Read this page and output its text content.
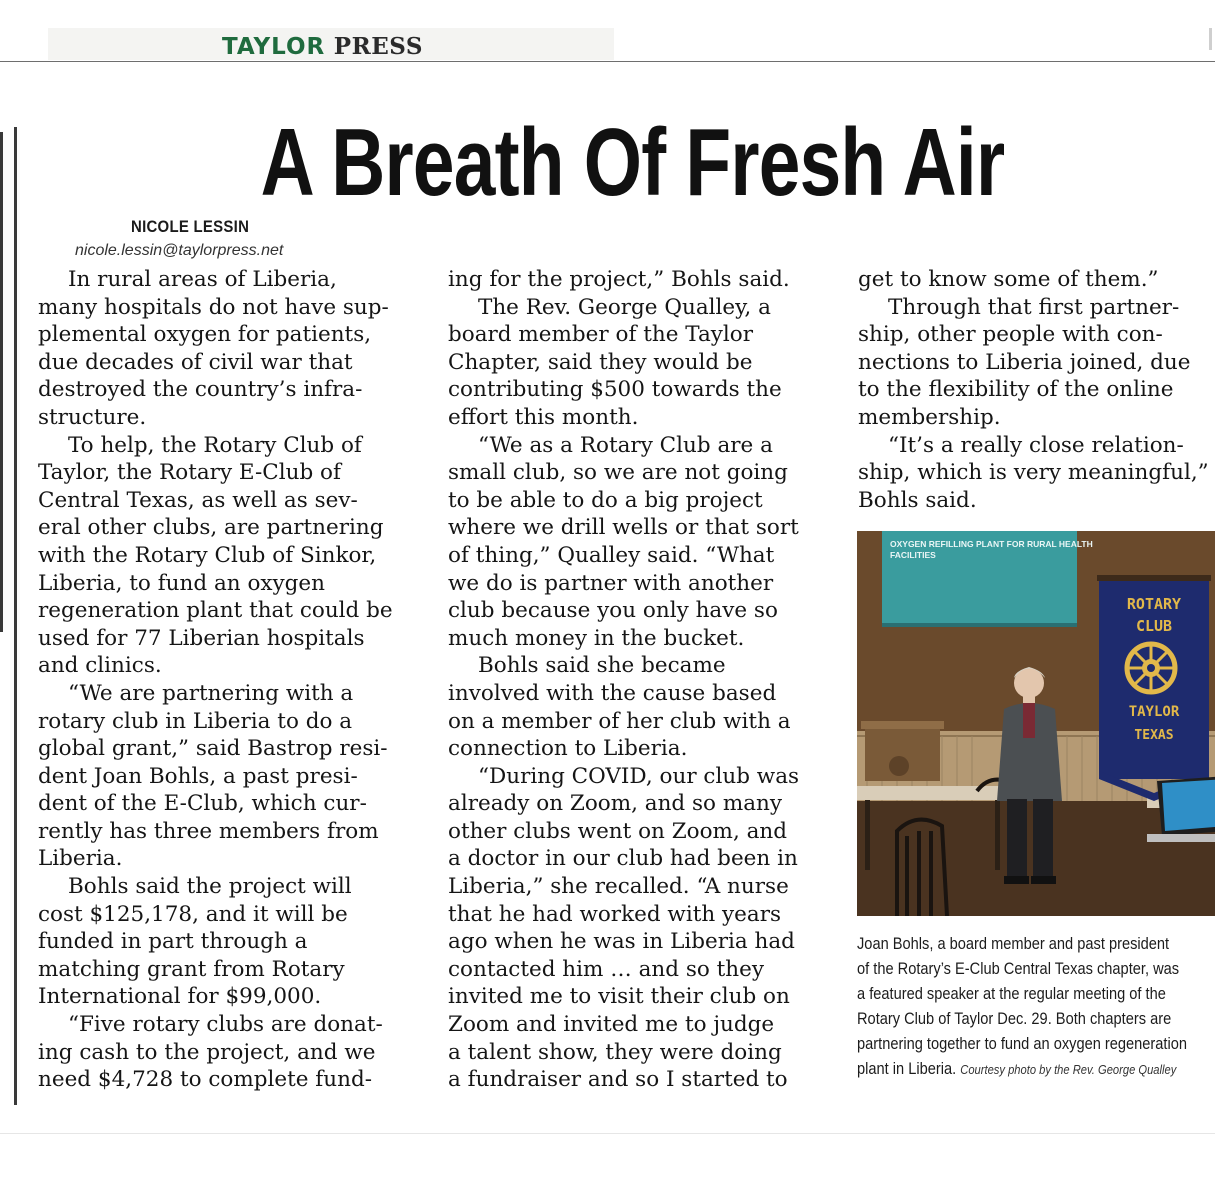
TAYLOR PRESS
A Breath Of Fresh Air

NICOLE LESSIN

nicole.lessin@taylorpress.net

In rural areas of Liberia,
many hospitals do not have sup-
plemental oxygen for patients,
due decades of civil war that
destroyed the country’s infra-
structure.
To help, the Rotary Club of
Taylor, the Rotary E-Club of
Central Texas, as well as sev-
eral other clubs, are partnering
with the Rotary Club of Sinkor,
Liberia, to fund an oxygen
regeneration plant that could be
used for 77 Liberian hospitals
and clinics.
“We are partnering with a
rotary club in Liberia to do a
global grant,” said Bastrop resi-
dent Joan Bohls, a past presi-
dent of the E-Club, which cur-
rently has three members from
Liberia.
Bohls said the project will
cost $125,178, and it will be
funded in part through a
matching grant from Rotary
International for $99,000.
“Five rotary clubs are donat-
ing cash to the project, and we
need $4,728 to complete fund-
ing for the project,” Bohls said.
The Rev. George Qualley, a
board member of the Taylor
Chapter, said they would be
contributing $500 towards the
effort this month.
“We as a Rotary Club are a
small club, so we are not going
to be able to do a big project
where we drill wells or that sort
of thing,” Qualley said. “What
we do is partner with another
club because you only have so
much money in the bucket.
Bohls said she became
involved with the cause based
on a member of her club with a
connection to Liberia.
“During COVID, our club was
already on Zoom, and so many
other clubs went on Zoom, and
a doctor in our club had been in
Liberia,” she recalled. “A nurse
that he had worked with years
ago when he was in Liberia had
contacted him … and so they
invited me to visit their club on
Zoom and invited me to judge
a talent show, they were doing
a fundraiser and so I started to
get to know some of them.”
Through that first partner-
ship, other people with con-
nections to Liberia joined, due
to the flexibility of the online
membership.
“It’s a really close relation-
ship, which is very meaningful,”
Bohls said.
OXYGEN REFILLING PLANT FOR RURAL HEALTH
FACILITIES
ROTARY
CLUB
TAYLOR
TEXAS

Joan Bohls, a board member and past president
of the Rotary’s E-Club Central Texas chapter, was
a featured speaker at the regular meeting of the
Rotary Club of Taylor Dec. 29. Both chapters are
partnering together to fund an oxygen regeneration
plant in Liberia. Courtesy photo by the Rev. George Qualley
